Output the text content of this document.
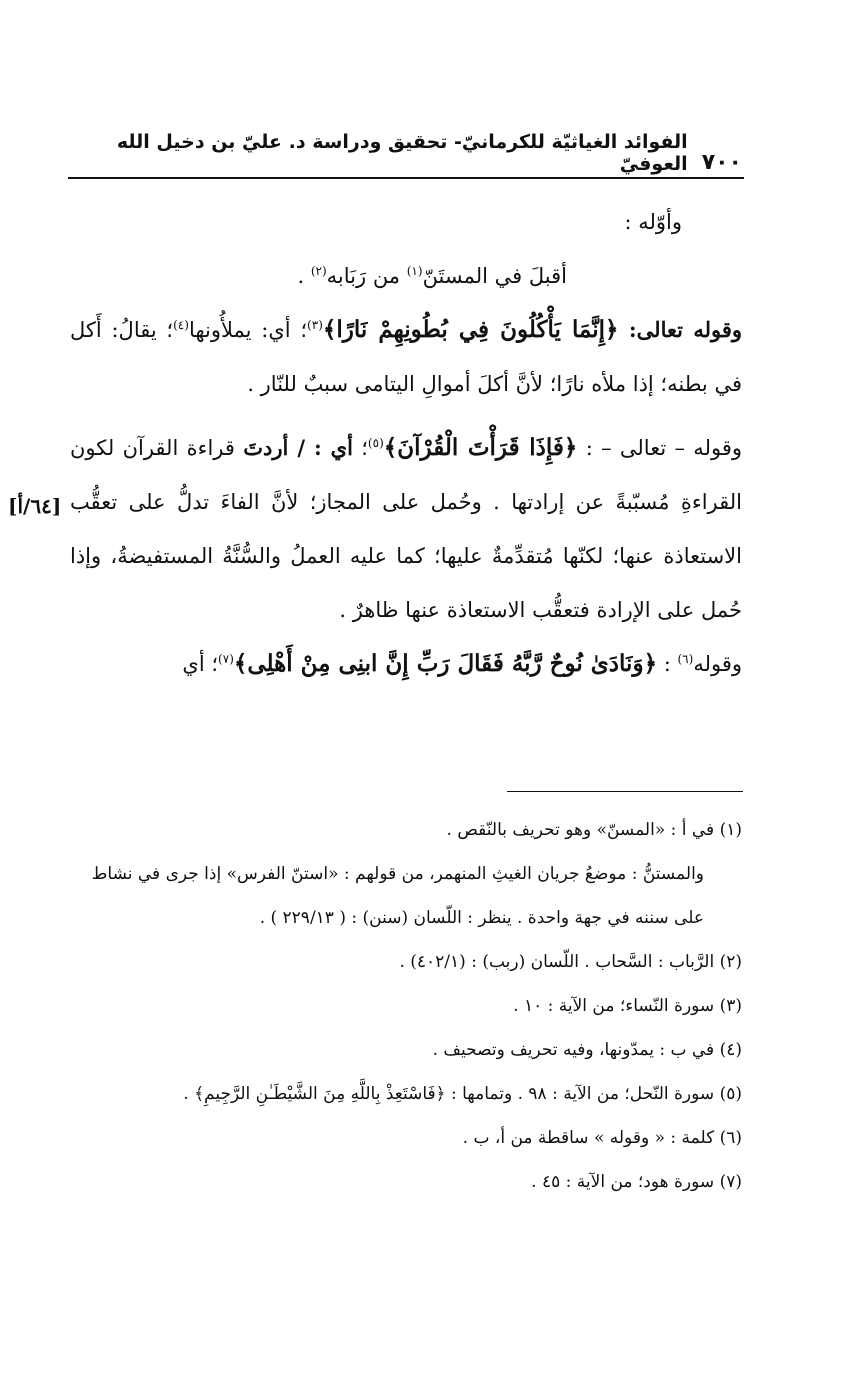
٧٠٠
الفوائد الغياثيّة للكرمانيّ- تحقيق ودراسة د. عليّ بن دخيل الله العوفيّ
[٦٤/أ]

وأوّله :

أقبلَ في المستَنّ$^{(١)}$ من رَبَابه$^{(٢)}$ .

وقوله تعالى: ﴿إِنَّمَا يَأْكُلُونَ فِي بُطُونِهِمْ نَارًا﴾$^{(٣)}$؛ أي: يملأُونها$^{(٤)}$؛ يقالُ: أَكل في بطنه؛ إذا ملأه نارًا؛ لأنَّ أكلَ أموالِ اليتامى سببٌ للنّار .

وقوله – تعالى – : ﴿فَإِذَا قَرَأْتَ الْقُرْآنَ﴾$^{(٥)}$؛ أي : / أردتَ قراءة القرآن لكون القراءةِ مُسبّبةً عن إرادتها . وحُمل على المجاز؛ لأنَّ الفاءَ تدلُّ على تعقُّب الاستعاذة عنها؛ لكنّها مُتقدِّمةٌ عليها؛ كما عليه العملُ والسُّنَّةُ المستفيضةُ، وإذا حُمل على الإرادة فتعقُّب الاستعاذة عنها ظاهرٌ .

وقوله$^{(٦)}$ : ﴿وَنَادَىٰ نُوحٌ رَّبَّهُ فَقَالَ رَبِّ إِنَّ ابنِى مِنْ أَهْلِى﴾$^{(٧)}$؛ أي

(١) في أ : «المسنّ» وهو تحريف بالنّقص .

والمستنُّ : موضعُ جريان الغيثِ المنهمر، من قولهم : «استنّ الفرس» إذا جرى في نشاط على سننه في جهة واحدة . ينظر : اللّسان (سنن) : ( ٢٢٩/١٣ ) .

(٢) الرَّباب : السَّحاب . اللّسان (ربب) : (٤٠٢/١) .

(٣) سورة النّساء؛ من الآية : ١٠ .

(٤) في ب : يمدّونها، وفيه تحريف وتصحيف .

(٥) سورة النّحل؛ من الآية : ٩٨ . وتمامها : ﴿فَاسْتَعِذْ بِاللَّهِ مِنَ الشَّيْطَـٰنِ الرَّجِيمِ﴾ .

(٦) كلمة : « وقوله » ساقطة من أ، ب .

(٧) سورة هود؛ من الآية : ٤٥ .
